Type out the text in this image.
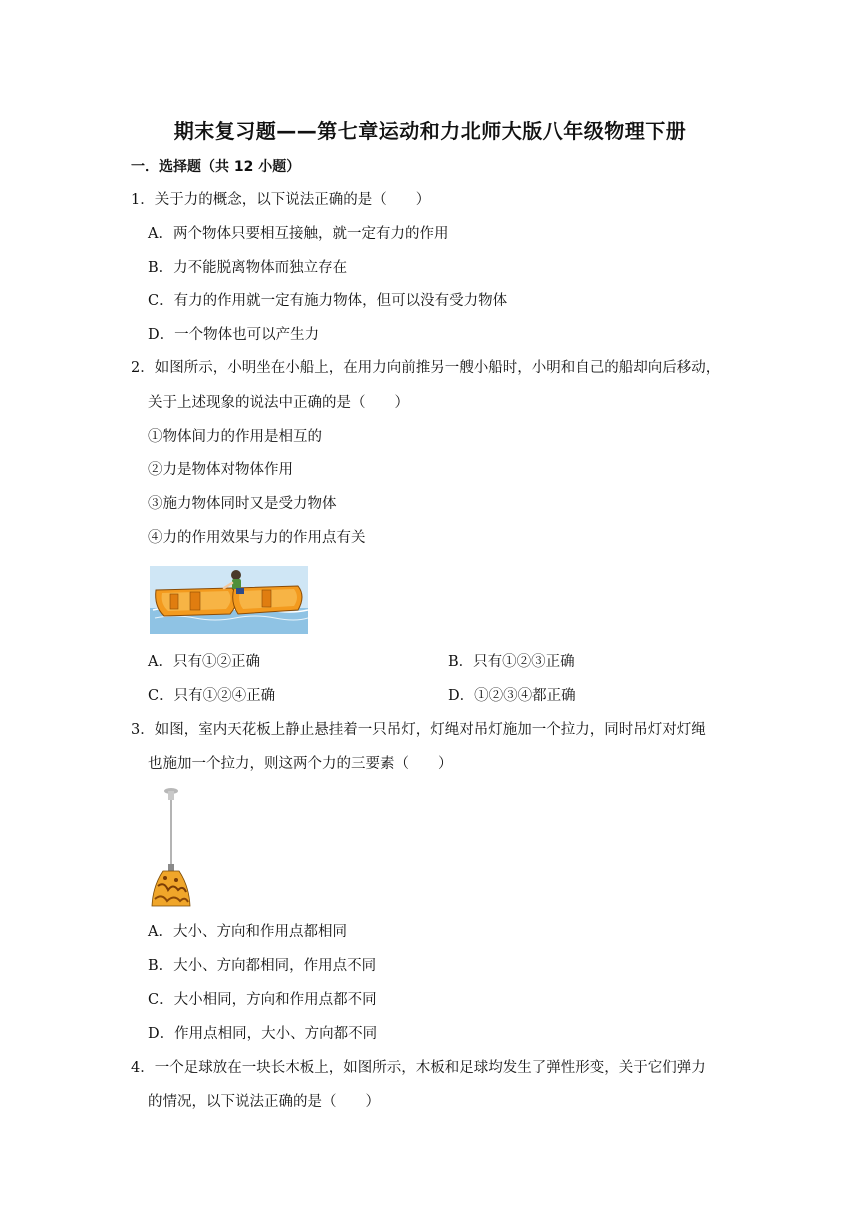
期末复习题——第七章运动和力北师大版八年级物理下册
一．选择题（共 12 小题）
1．关于力的概念，以下说法正确的是（　　）
A．两个物体只要相互接触，就一定有力的作用
B．力不能脱离物体而独立存在
C．有力的作用就一定有施力物体，但可以没有受力物体
D．一个物体也可以产生力
2．如图所示，小明坐在小船上，在用力向前推另一艘小船时，小明和自己的船却向后移动，
关于上述现象的说法中正确的是（　　）
①物体间力的作用是相互的
②力是物体对物体作用
③施力物体同时又是受力物体
④力的作用效果与力的作用点有关
A．只有①②正确	B．只有①②③正确
C．只有①②④正确	D．①②③④都正确
3．如图，室内天花板上静止悬挂着一只吊灯，灯绳对吊灯施加一个拉力，同时吊灯对灯绳
也施加一个拉力，则这两个力的三要素（　　）
A．大小、方向和作用点都相同
B．大小、方向都相同，作用点不同
C．大小相同，方向和作用点都不同
D．作用点相同，大小、方向都不同
4．一个足球放在一块长木板上，如图所示，木板和足球均发生了弹性形变，关于它们弹力
的情况，以下说法正确的是（　　）
